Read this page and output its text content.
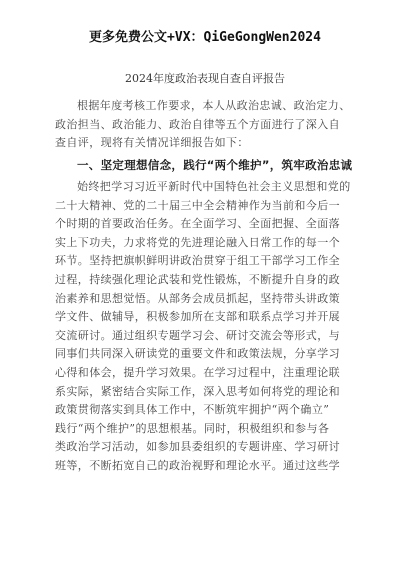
更多免费公文+VX：QiGeGongWen2024
2024年度政治表现自查自评报告
根据年度考核工作要求，本人从政治忠诚、政治定力、
政治担当、政治能力、政治自律等五个方面进行了深入自
查自评，现将有关情况详细报告如下：
一、坚定理想信念，践行“两个维护”，筑牢政治忠诚
始终把学习习近平新时代中国特色社会主义思想和党的
二十大精神、党的二十届三中全会精神作为当前和今后一
个时期的首要政治任务。在全面学习、全面把握、全面落
实上下功夫，力求将党的先进理论融入日常工作的每一个
环节。坚持把旗帜鲜明讲政治贯穿于组工干部学习工作全
过程，持续强化理论武装和党性锻炼，不断提升自身的政
治素养和思想觉悟。从部务会成员抓起，坚持带头讲政策
学文件、做辅导，积极参加所在支部和联系点学习并开展
交流研讨。通过组织专题学习会、研讨交流会等形式，与
同事们共同深入研读党的重要文件和政策法规，分享学习
心得和体会，提升学习效果。在学习过程中，注重理论联
系实际，紧密结合实际工作，深入思考如何将党的理论和
政策贯彻落实到具体工作中，不断筑牢拥护“两个确立”
践行“两个维护”的思想根基。同时，积极组织和参与各
类政治学习活动，如参加县委组织的专题讲座、学习研讨
班等，不断拓宽自己的政治视野和理论水平。通过这些学
